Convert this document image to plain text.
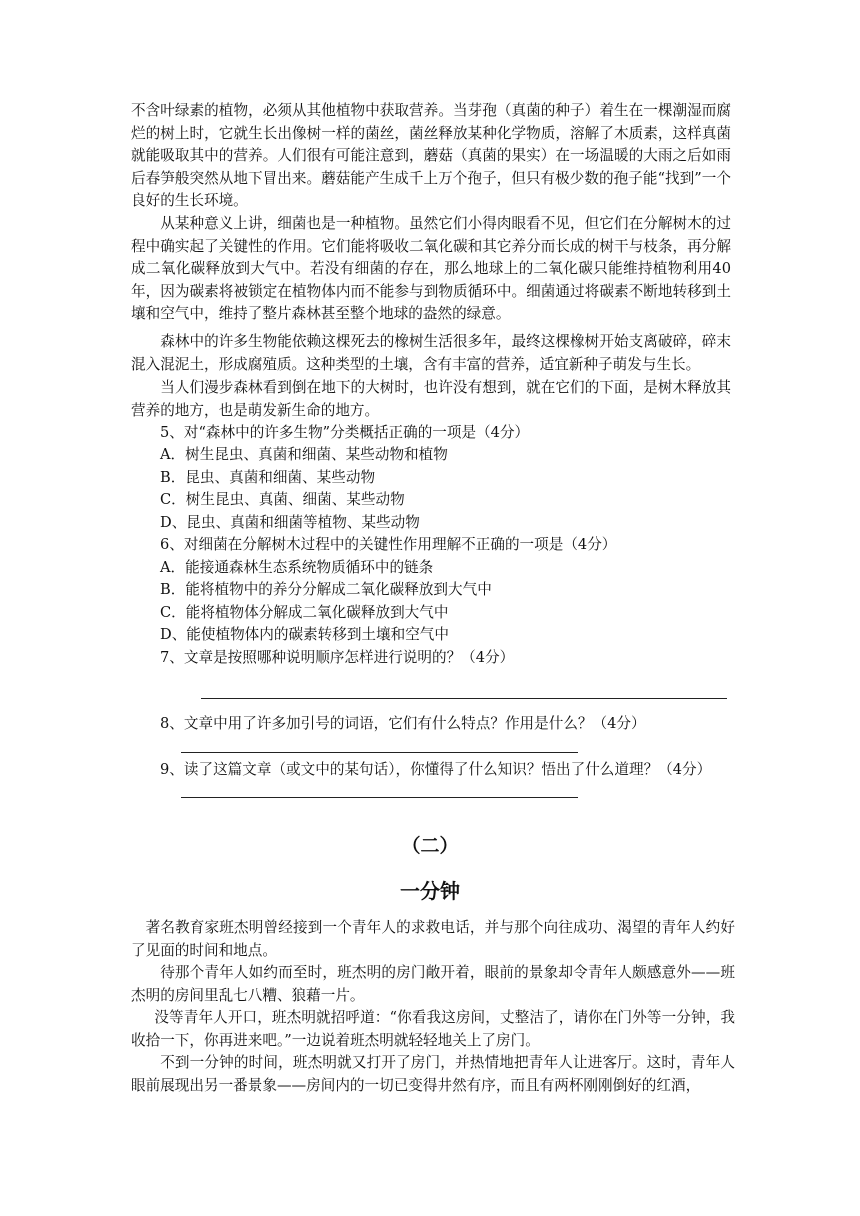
不含叶绿素的植物，必须从其他植物中获取营养。当芽孢（真菌的种子）着生在一棵潮湿而腐烂的树上时，它就生长出像树一样的菌丝，菌丝释放某种化学物质，溶解了木质素，这样真菌就能吸取其中的营养。人们很有可能注意到，蘑菇（真菌的果实）在一场温暖的大雨之后如雨后春笋般突然从地下冒出来。蘑菇能产生成千上万个孢子，但只有极少数的孢子能“找到”一个良好的生长环境。

从某种意义上讲，细菌也是一种植物。虽然它们小得肉眼看不见，但它们在分解树木的过程中确实起了关键性的作用。它们能将吸收二氧化碳和其它养分而长成的树干与枝条，再分解成二氧化碳释放到大气中。若没有细菌的存在，那么地球上的二氧化碳只能维持植物利用40年，因为碳素将被锁定在植物体内而不能参与到物质循环中。细菌通过将碳素不断地转移到土壤和空气中，维持了整片森林甚至整个地球的盎然的绿意。

森林中的许多生物能依赖这棵死去的橡树生活很多年，最终这棵橡树开始支离破碎，碎末混入混泥土，形成腐殖质。这种类型的土壤，含有丰富的营养，适宜新种子萌发与生长。

当人们漫步森林看到倒在地下的大树时，也许没有想到，就在它们的下面，是树木释放其营养的地方，也是萌发新生命的地方。

5、对“森林中的许多生物”分类概括正确的一项是（4分）

A．树生昆虫、真菌和细菌、某些动物和植物

B．昆虫、真菌和细菌、某些动物

C．树生昆虫、真菌、细菌、某些动物

D、昆虫、真菌和细菌等植物、某些动物

6、对细菌在分解树木过程中的关键性作用理解不正确的一项是（4分）

A．能接通森林生态系统物质循环中的链条

B．能将植物中的养分分解成二氧化碳释放到大气中

C．能将植物体分解成二氧化碳释放到大气中

D、能使植物体内的碳素转移到土壤和空气中

7、文章是按照哪种说明顺序怎样进行说明的？（4分）

8、文章中用了许多加引号的词语，它们有什么特点？作用是什么？（4分）

9、读了这篇文章（或文中的某句话），你懂得了什么知识？悟出了什么道理？（4分）

（二）

一分钟

著名教育家班杰明曾经接到一个青年人的求救电话，并与那个向往成功、渴望的青年人约好了见面的时间和地点。

待那个青年人如约而至时，班杰明的房门敞开着，眼前的景象却令青年人颇感意外——班杰明的房间里乱七八糟、狼藉一片。

没等青年人开口，班杰明就招呼道：“你看我这房间，丈整洁了，请你在门外等一分钟，我收拾一下，你再进来吧。”一边说着班杰明就轻轻地关上了房门。

不到一分钟的时间，班杰明就又打开了房门，并热情地把青年人让进客厅。这时，青年人眼前展现出另一番景象——房间内的一切已变得井然有序，而且有两杯刚刚倒好的红酒，
